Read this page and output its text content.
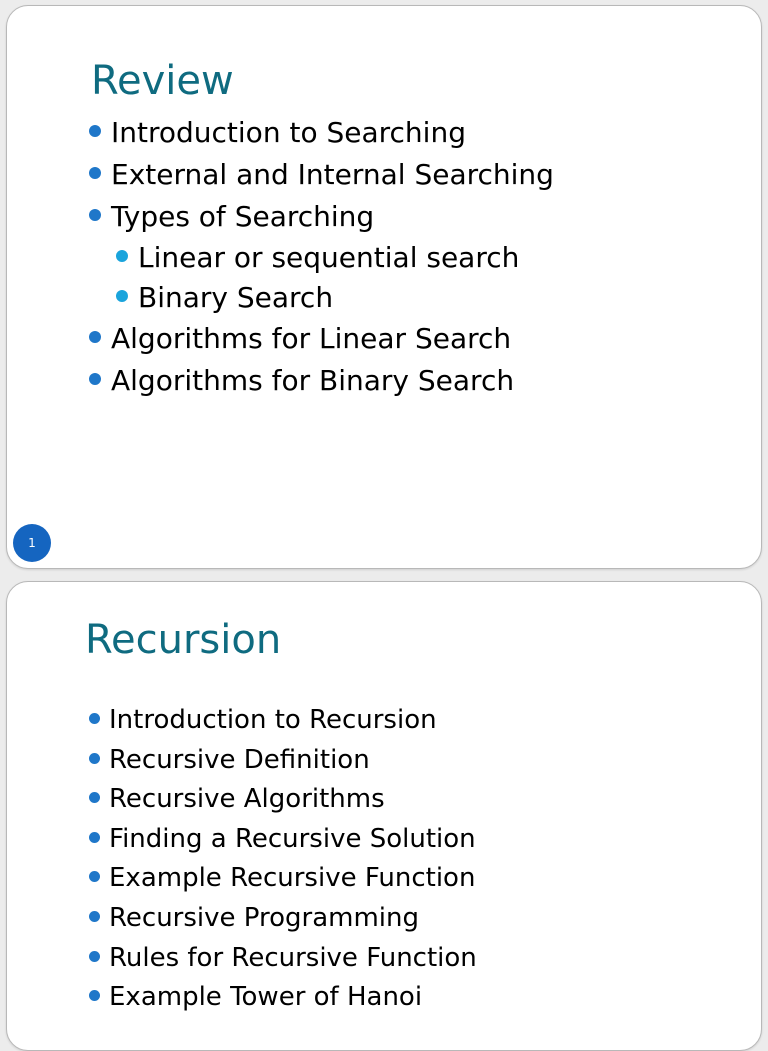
Review
Introduction to Searching
External and Internal Searching
Types of Searching
Linear or sequential search
Binary Search
Algorithms for Linear Search
Algorithms for Binary Search
1
Recursion
Introduction to Recursion
Recursive Definition
Recursive Algorithms
Finding a Recursive Solution
Example Recursive Function
Recursive Programming
Rules for Recursive Function
Example Tower of Hanoi
